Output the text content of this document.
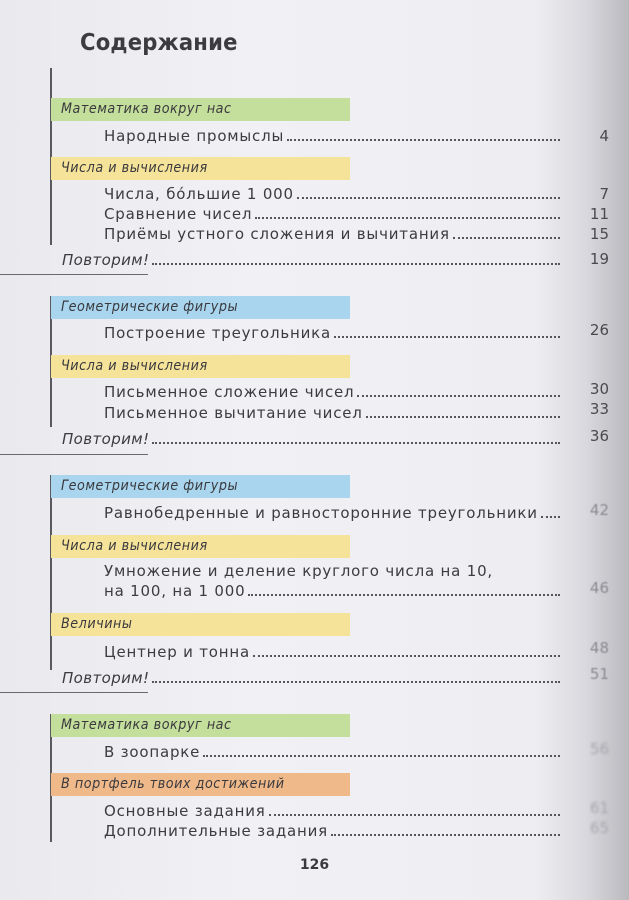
Содержание
Математика вокруг нас
Народные промыслы	4
Числа и вычисления
Числа, бóльшие 1 000	7
Сравнение чисел	11
Приёмы устного сложения и вычитания	15
Повторим!	19
Геометрические фигуры
Построение треугольника	26
Числа и вычисления
Письменное сложение чисел	30
Письменное вычитание чисел	33
Повторим!	36
Геометрические фигуры
Равнобедренные и равносторонние треугольники	42
Числа и вычисления
Умножение и деление круглого числа на 10,
на 100, на 1 000	46
Величины
Центнер и тонна	48
Повторим!	51
Математика вокруг нас
В зоопарке	56
В портфель твоих достижений
Основные задания	61
Дополнительные задания	65
126
